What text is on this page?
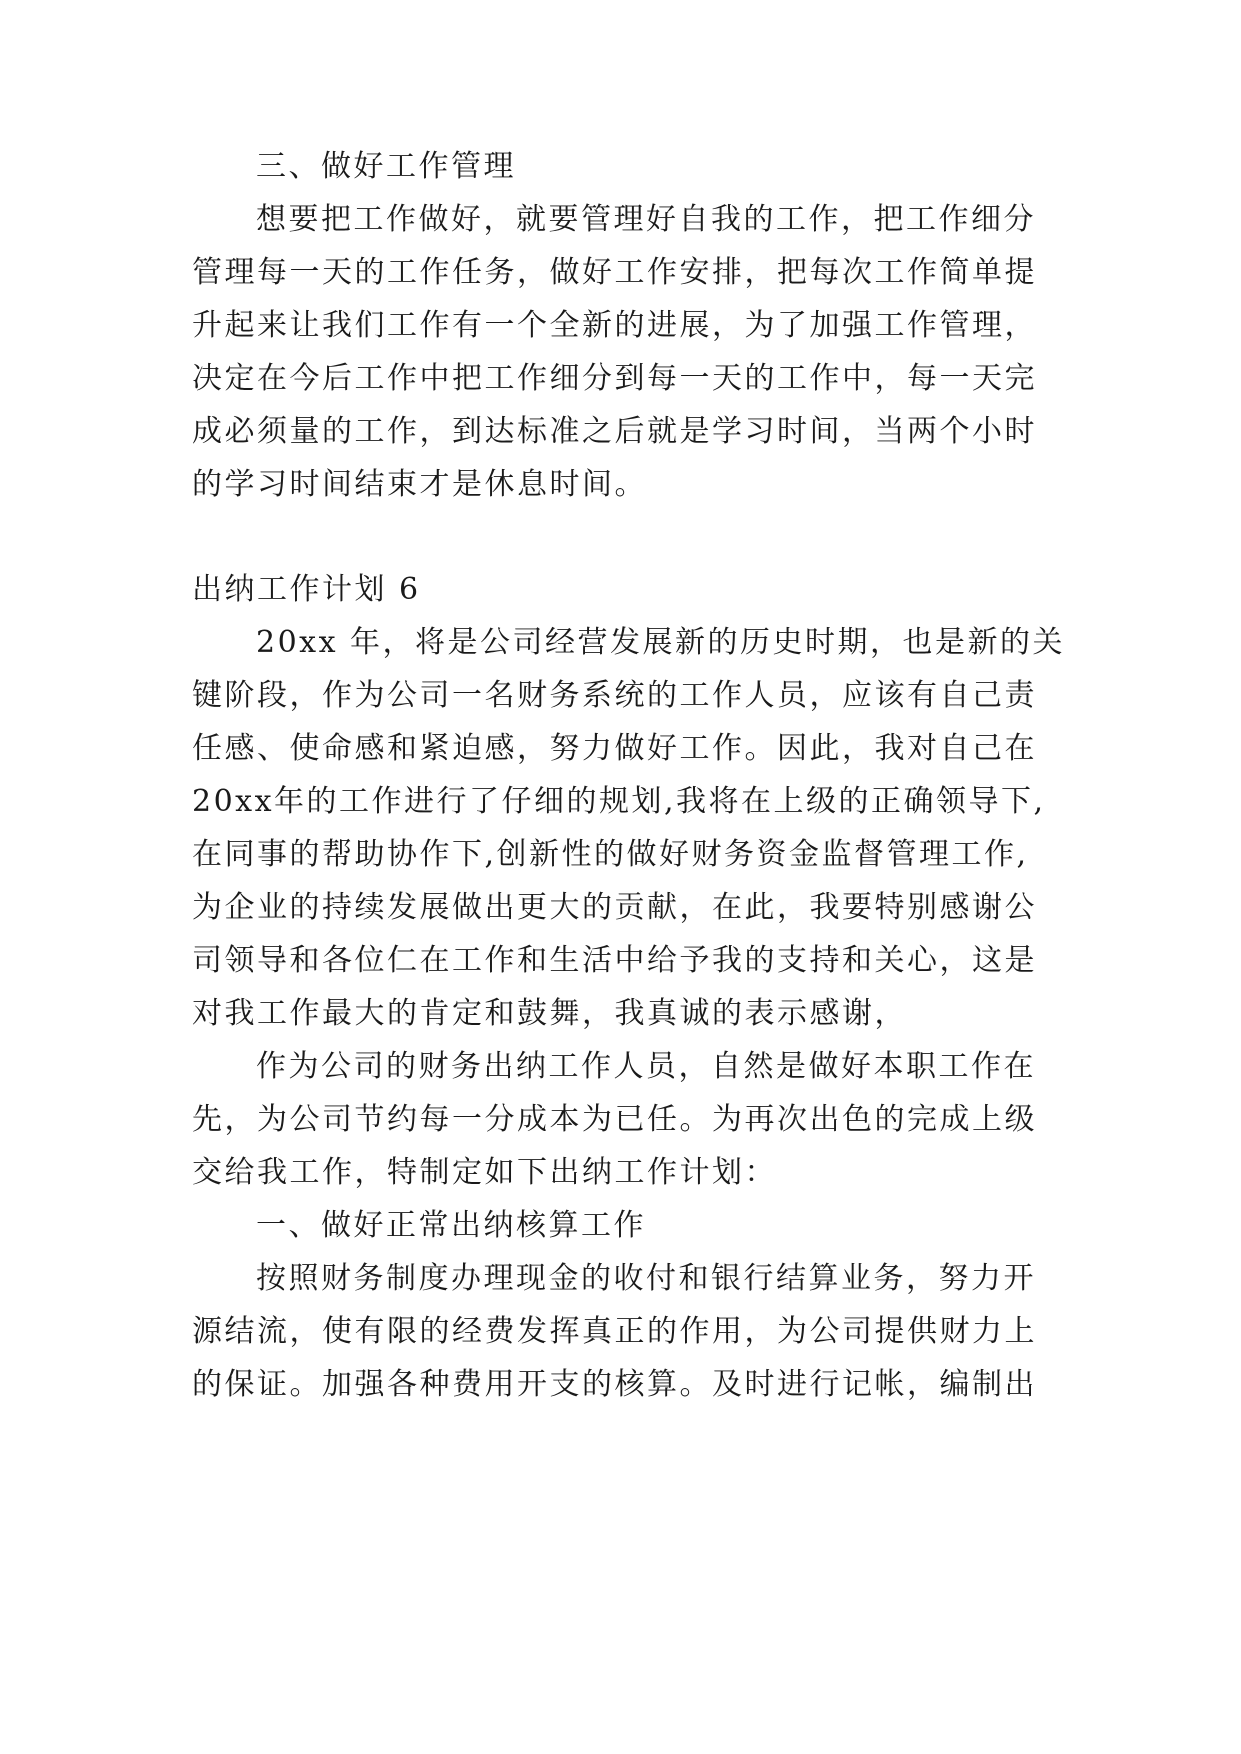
三、做好工作管理
想要把工作做好，就要管理好自我的工作，把工作细分
管理每一天的工作任务，做好工作安排，把每次工作简单提
升起来让我们工作有一个全新的进展，为了加强工作管理，
决定在今后工作中把工作细分到每一天的工作中，每一天完
成必须量的工作，到达标准之后就是学习时间，当两个小时
的学习时间结束才是休息时间。
出纳工作计划 6
20xx 年，将是公司经营发展新的历史时期，也是新的关
键阶段，作为公司一名财务系统的工作人员，应该有自己责
任感、使命感和紧迫感，努力做好工作。因此，我对自己在
20xx年的工作进行了仔细的规划,我将在上级的正确领导下,
在同事的帮助协作下,创新性的做好财务资金监督管理工作,
为企业的持续发展做出更大的贡献，在此，我要特别感谢公
司领导和各位仁在工作和生活中给予我的支持和关心，这是
对我工作最大的肯定和鼓舞，我真诚的表示感谢，
作为公司的财务出纳工作人员，自然是做好本职工作在
先，为公司节约每一分成本为已任。为再次出色的完成上级
交给我工作，特制定如下出纳工作计划：
一、做好正常出纳核算工作
按照财务制度办理现金的收付和银行结算业务，努力开
源结流，使有限的经费发挥真正的作用，为公司提供财力上
的保证。加强各种费用开支的核算。及时进行记帐，编制出
